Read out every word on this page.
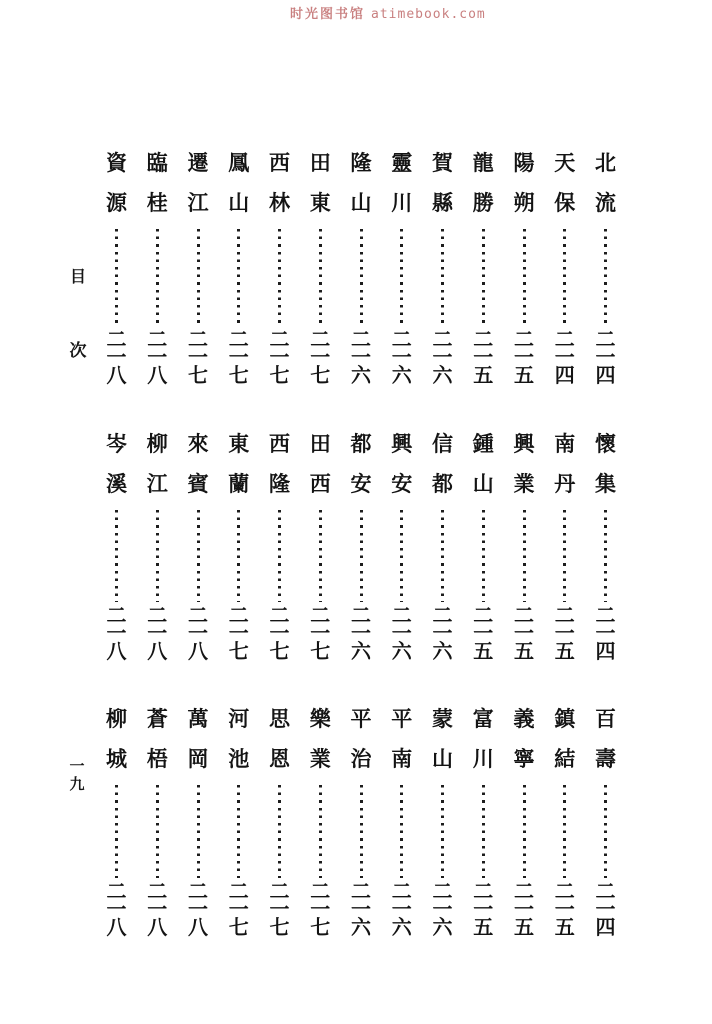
时光图书馆 atimebook.com
目
次
一九
北流
二一四
天保
二一四
陽朔
二一五
龍勝
二一五
賀縣
二一六
靈川
二一六
隆山
二一六
田東
二一七
西林
二一七
鳳山
二一七
遷江
二一七
臨桂
二一八
資源
二一八
懷集
二一四
南丹
二一五
興業
二一五
鍾山
二一五
信都
二一六
興安
二一六
都安
二一六
田西
二一七
西隆
二一七
東蘭
二一七
來賓
二一八
柳江
二一八
岑溪
二一八
百壽
二一四
鎮結
二一五
義寧
二一五
富川
二一五
蒙山
二一六
平南
二一六
平治
二一六
樂業
二一七
思恩
二一七
河池
二一七
萬岡
二一八
蒼梧
二一八
柳城
二一八
